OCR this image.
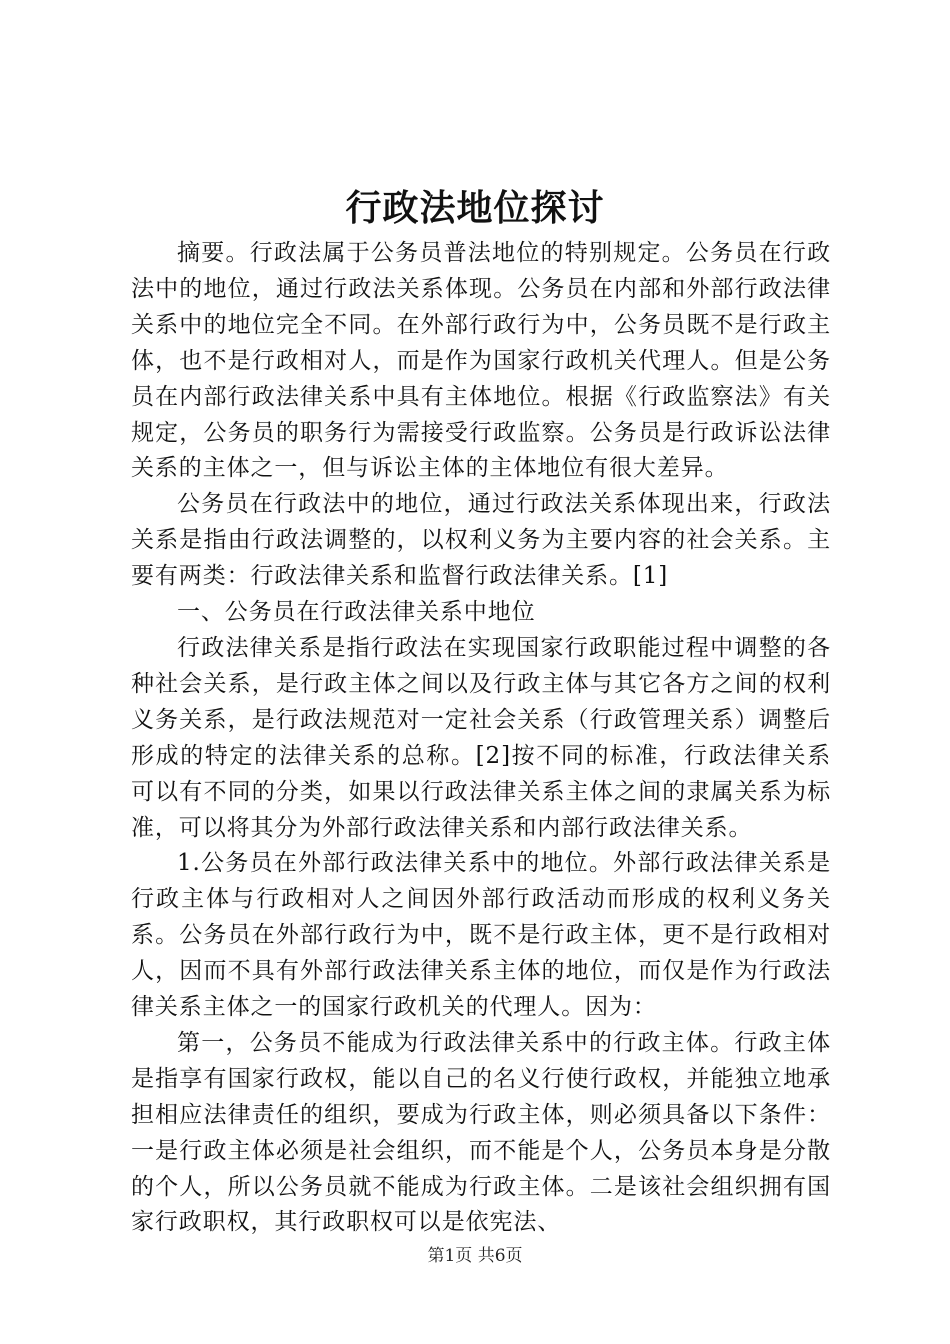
行政法地位探讨

摘要。行政法属于公务员普法地位的特别规定。公务员在行政法中的地位，通过行政法关系体现。公务员在内部和外部行政法律关系中的地位完全不同。在外部行政行为中，公务员既不是行政主体，也不是行政相对人，而是作为国家行政机关代理人。但是公务员在内部行政法律关系中具有主体地位。根据《行政监察法》有关规定，公务员的职务行为需接受行政监察。公务员是行政诉讼法律关系的主体之一，但与诉讼主体的主体地位有很大差异。

公务员在行政法中的地位，通过行政法关系体现出来，行政法关系是指由行政法调整的，以权利义务为主要内容的社会关系。主要有两类：行政法律关系和监督行政法律关系。[1]

一、公务员在行政法律关系中地位

行政法律关系是指行政法在实现国家行政职能过程中调整的各种社会关系，是行政主体之间以及行政主体与其它各方之间的权利义务关系，是行政法规范对一定社会关系（行政管理关系）调整后形成的特定的法律关系的总称。[2]按不同的标准，行政法律关系可以有不同的分类，如果以行政法律关系主体之间的隶属关系为标准，可以将其分为外部行政法律关系和内部行政法律关系。

1.公务员在外部行政法律关系中的地位。外部行政法律关系是行政主体与行政相对人之间因外部行政活动而形成的权利义务关系。公务员在外部行政行为中，既不是行政主体，更不是行政相对人，因而不具有外部行政法律关系主体的地位，而仅是作为行政法律关系主体之一的国家行政机关的代理人。因为：

第一，公务员不能成为行政法律关系中的行政主体。行政主体是指享有国家行政权，能以自己的名义行使行政权，并能独立地承担相应法律责任的组织，要成为行政主体，则必须具备以下条件：一是行政主体必须是社会组织，而不能是个人，公务员本身是分散的个人，所以公务员就不能成为行政主体。二是该社会组织拥有国家行政职权，其行政职权可以是依宪法、

第1页 共6页
